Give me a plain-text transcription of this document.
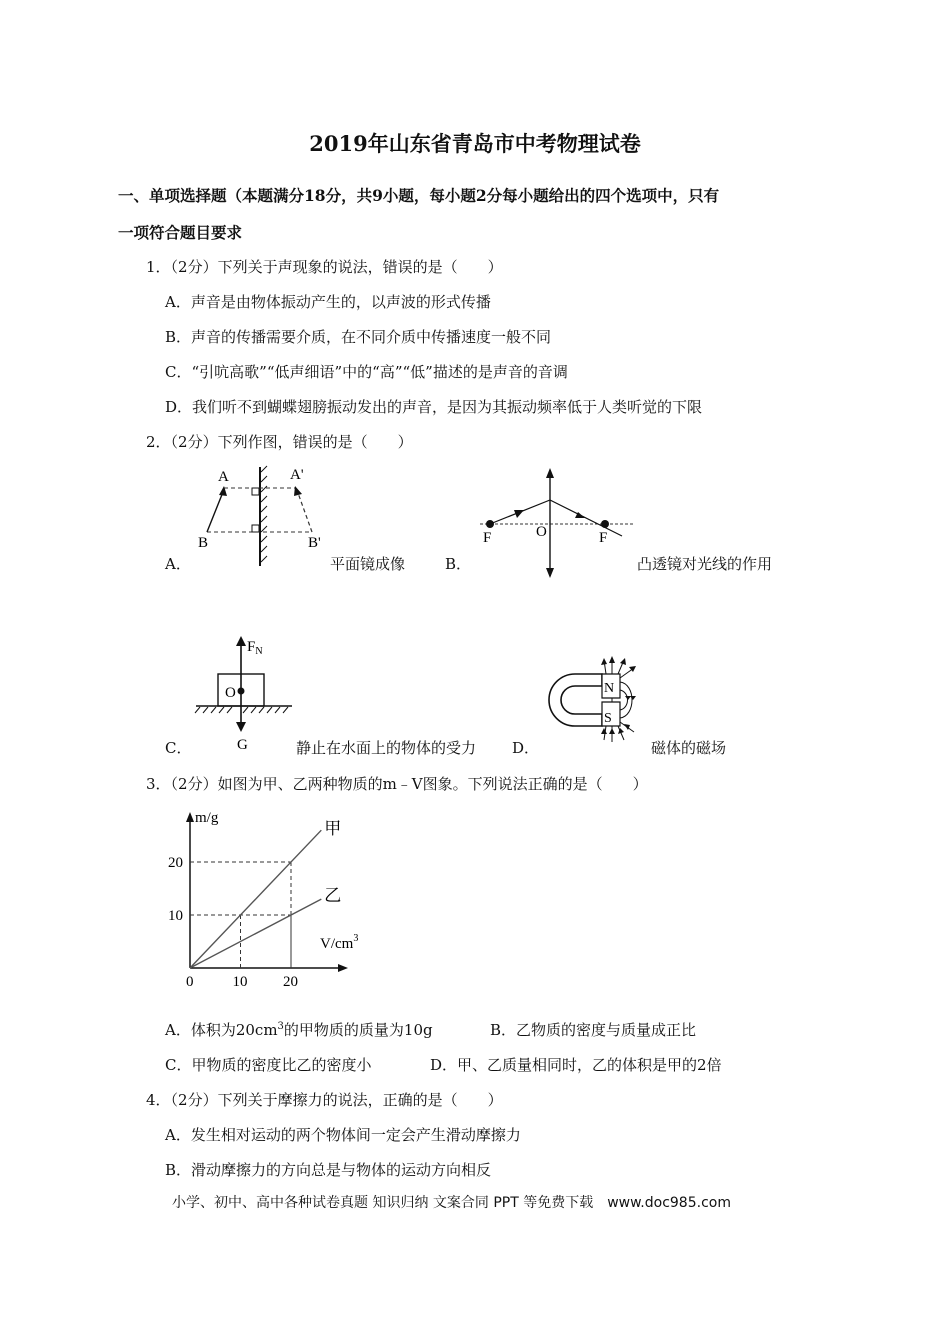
2019年山东省青岛市中考物理试卷
一、单项选择题（本题满分18分，共9小题，每小题2分每小题给出的四个选项中，只有
一项符合题目要求
1．（2分）下列关于声现象的说法，错误的是（　　）
A．声音是由物体振动产生的，以声波的形式传播
B．声音的传播需要介质，在不同介质中传播速度一般不同
C．“引吭高歌”“低声细语”中的“高”“低”描述的是声音的音调
D．我们听不到蝴蝶翅膀振动发出的声音，是因为其振动频率低于人类听觉的下限
2．（2分）下列作图，错误的是（　　）
A	A'
B	B'
A．	平面镜成像	B．
F	O	F
凸透镜对光线的作用
$F_N$
O
G
C．	静止在水面上的物体的受力 D．
N
S
磁体的磁场
3．（2分）如图为甲、乙两种物质的m﹣V图象。下列说法正确的是（　　）
m/g
$V/cm^3$
甲
乙
0	10 20
10
20
A．体积为$20cm^3$的甲物质的质量为10g	B．乙物质的密度与质量成正比
C．甲物质的密度比乙的密度小	D．甲、乙质量相同时，乙的体积是甲的2倍
4．（2分）下列关于摩擦力的说法，正确的是（　　）
A．发生相对运动的两个物体间一定会产生滑动摩擦力
B．滑动摩擦力的方向总是与物体的运动方向相反
小学、初中、高中各种试卷真题 知识归纳 文案合同 PPT 等免费下载　www.doc985.com
